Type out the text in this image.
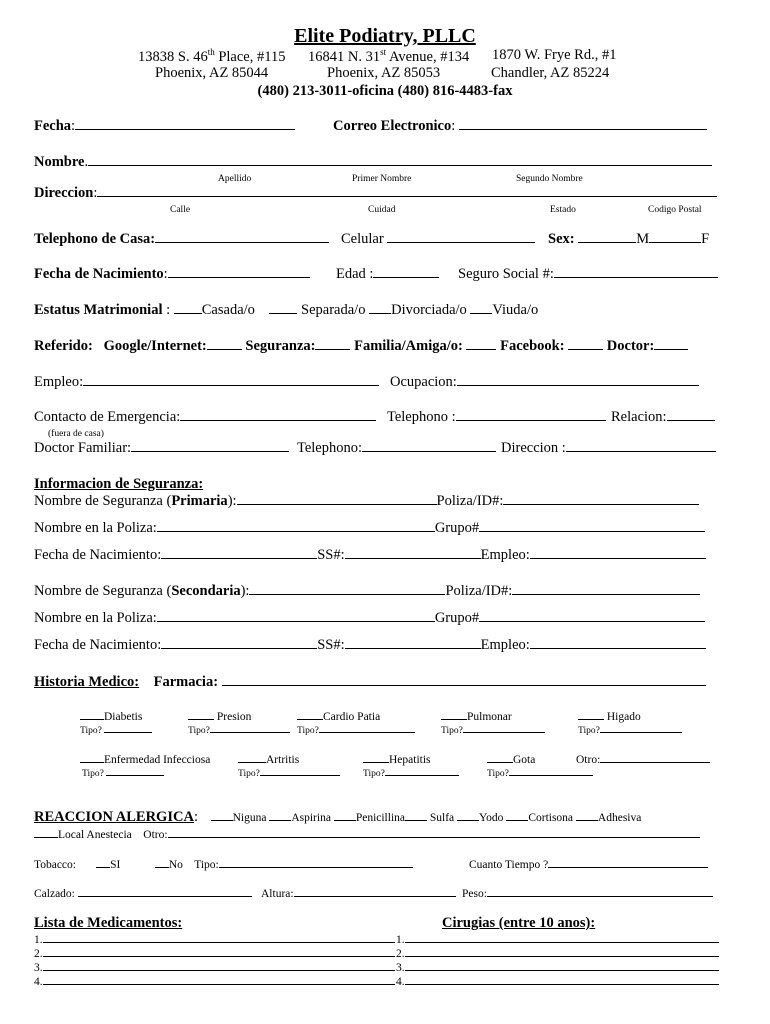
Elite Podiatry, PLLC
13838 S. 46th Place, #115 16841 N. 31st Avenue, #134 1870 W. Frye Rd., #1
Phoenix, AZ 85044	Phoenix, AZ 85053	Chandler, AZ 85224
(480) 213-3011-oficina (480) 816-4483-fax
Fecha:	Correo Electronico:
Nombre.
Apellido	Primer Nombre	Segundo Nombre
Direccion:
Calle	Cuidad	Estado	Codigo Postal
Telephono de Casa:	Celular	Sex:	M	F
Fecha de Nacimiento:	Edad :	Seguro Social #:
Estatus Matrimonial : Casada/o	Separada/o Divorciada/o Viuda/o
Referido: Google/Internet:	Seguranza:	Familia/Amiga/o:	Facebook:	Doctor:
Empleo:	Ocupacion:
Contacto de Emergencia:	Telephono :	Relacion:
(fuera de casa)
Doctor Familiar:	Telephono:	Direccion :
Informacion de Seguranza:
Nombre de Seguranza (Primaria):	Poliza/ID#:
Nombre en la Poliza:	Grupo#
Fecha de Nacimiento:	SS#:	Empleo:
Nombre de Seguranza (Secondaria):	Poliza/ID#:
Nombre en la Poliza:	Grupo#
Fecha de Nacimiento:	SS#:	Empleo:
Historia Medico: Farmacia:
Diabetis	Presion	Cardio Patia	Pulmonar	Higado
Tipo?	Tipo?	Tipo?	Tipo?	Tipo?
Enfermedad Infecciosa	Artritis	Hepatitis	Gota	Otro:
Tipo?	Tipo?	Tipo?	Tipo?
REACCION ALERGICA:	Niguna Aspirina Penicillina Sulfa Yodo Cortisona Adhesiva
Local Anestecia Otro:
Tobacco:	SI	No Tipo:	Cuanto Tiempo ?
Calzado:	Altura:	Peso:
Lista de Medicamentos:	Cirugias (entre 10 anos):
1.
2.
3.
4.
1.
2.
3.
4.
